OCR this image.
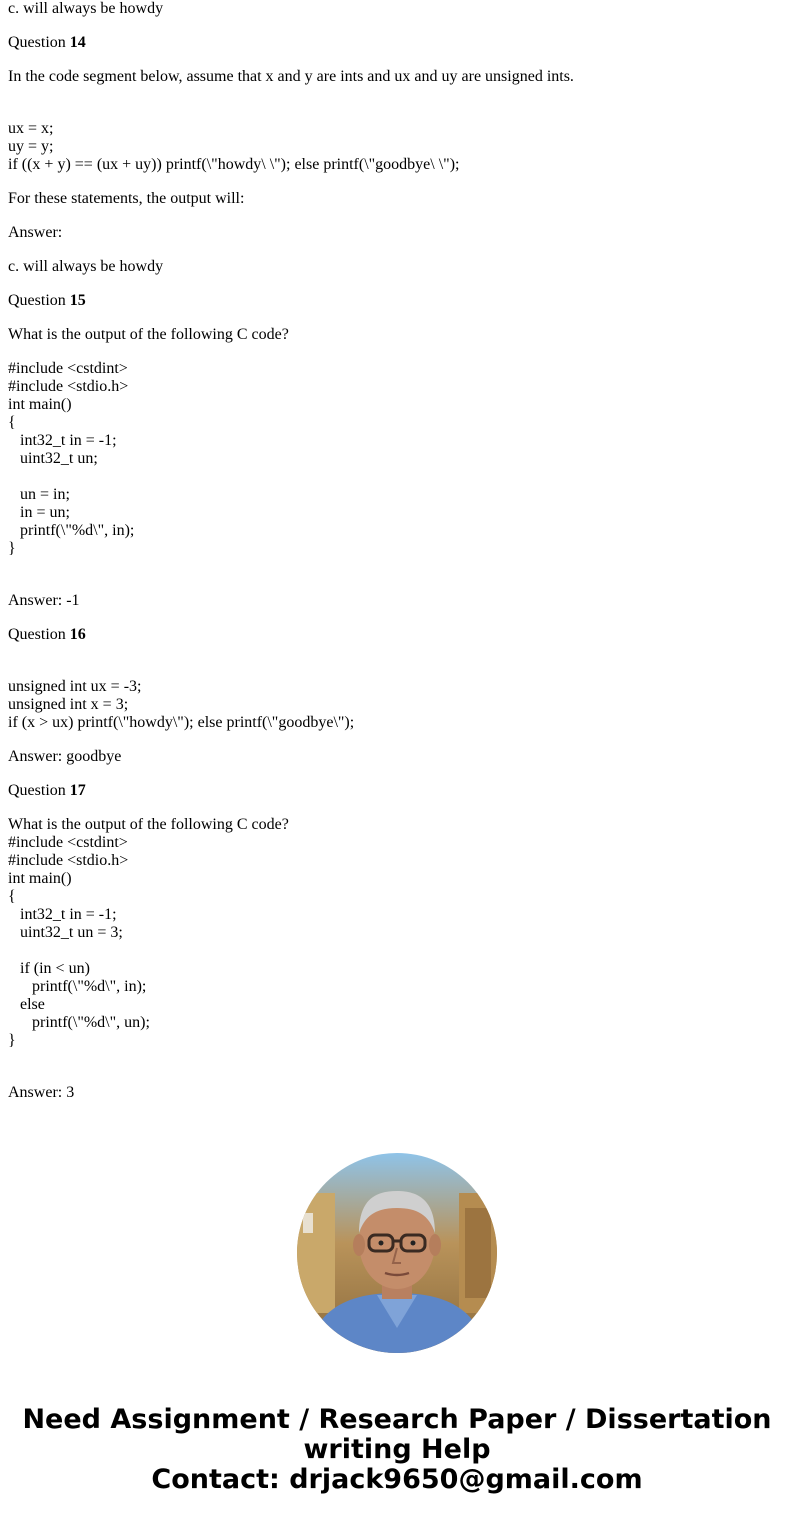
c. will always be howdy

Question 14

In the code segment below, assume that x and y are ints and ux and uy are unsigned ints.

ux = x;
uy = y;
if ((x + y) == (ux + uy)) printf(\"howdy\ \"); else printf(\"goodbye\ \");

For these statements, the output will:

Answer:

c. will always be howdy

Question 15

What is the output of the following C code?

#include <cstdint>
#include <stdio.h>
int main()
{
int32_t in = -1;
uint32_t un;
un = in;
in = un;
printf(\"%d\", in);
}

Answer: -1

Question 16

unsigned int ux = -3;
unsigned int x = 3;
if (x > ux) printf(\"howdy\"); else printf(\"goodbye\");

Answer: goodbye

Question 17

What is the output of the following C code?
#include <cstdint>
#include <stdio.h>
int main()
{
int32_t in = -1;
uint32_t un = 3;
if (in < un)
printf(\"%d\", in);
else
printf(\"%d\", un);
}

Answer: 3

Need Assignment / Research Paper / Dissertation
writing Help
Contact: drjack9650@gmail.com
